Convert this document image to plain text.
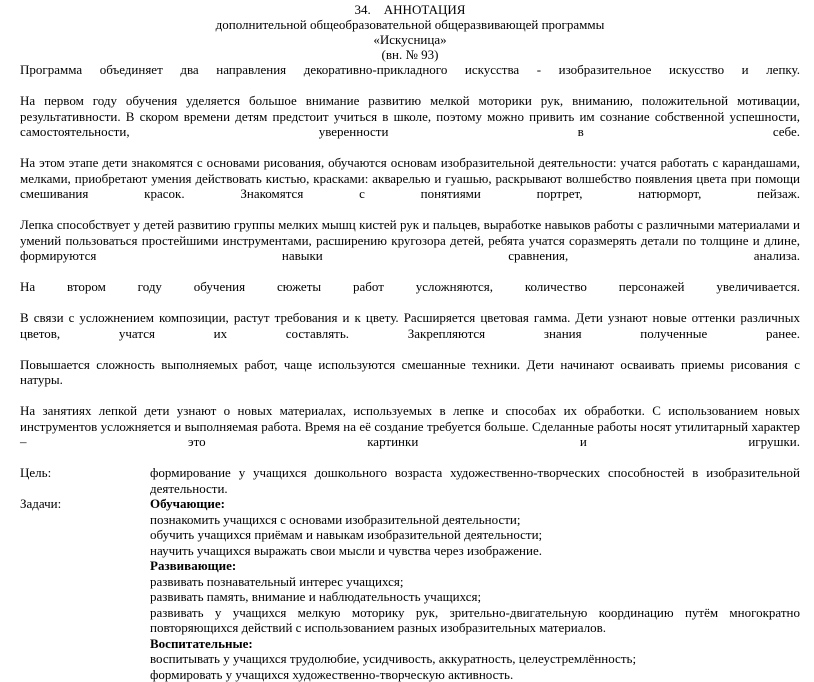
34. АННОТАЦИЯ
дополнительной общеобразовательной общеразвивающей программы
«Искусница»
(вн. № 93)
Программа объединяет два направления декоративно-прикладного искусства - изобразительное искусство и лепку.
На первом году обучения уделяется большое внимание развитию мелкой моторики рук, вниманию, положительной мотивации, результативности. В скором времени детям предстоит учиться в школе, поэтому можно привить им сознание собственной успешности, самостоятельности, уверенности в себе.
На этом этапе дети знакомятся с основами рисования, обучаются основам изобразительной деятельности: учатся работать с карандашами, мелками, приобретают умения действовать кистью, красками: акварелью и гуашью, раскрывают волшебство появления цвета при помощи смешивания красок. Знакомятся с понятиями портрет, натюрморт, пейзаж.
Лепка способствует у детей развитию группы мелких мышц кистей рук и пальцев, выработке навыков работы с различными материалами и умений пользоваться простейшими инструментами, расширению кругозора детей, ребята учатся соразмерять детали по толщине и длине, формируются навыки сравнения, анализа.
На втором году обучения сюжеты работ усложняются, количество персонажей увеличивается.
В связи с усложнением композиции, растут требования и к цвету. Расширяется цветовая гамма. Дети узнают новые оттенки различных цветов, учатся их составлять. Закрепляются знания полученные ранее.
Повышается сложность выполняемых работ, чаще используются смешанные техники. Дети начинают осваивать приемы рисования с натуры.
На занятиях лепкой дети узнают о новых материалах, используемых в лепке и способах их обработки. С использованием новых инструментов усложняется и выполняемая работа. Время на её создание требуется больше. Сделанные работы носят утилитарный характер – это картинки и игрушки.
Цель:	формирование у учащихся дошкольного возраста художественно-творческих способностей в изобразительной деятельности.
Задачи:	Обучающие:
познакомить учащихся с основами изобразительной деятельности;
обучить учащихся приёмам и навыкам изобразительной деятельности;
научить учащихся выражать свои мысли и чувства через изображение.
Развивающие:
развивать познавательный интерес учащихся;
развивать память, внимание и наблюдательность учащихся;
развивать у учащихся мелкую моторику рук, зрительно-двигательную координацию путём многократно повторяющихся действий с использованием разных изобразительных материалов.
Воспитательные:
воспитывать у учащихся трудолюбие, усидчивость, аккуратность, целеустремлённость;
формировать у учащихся художественно-творческую активность.
